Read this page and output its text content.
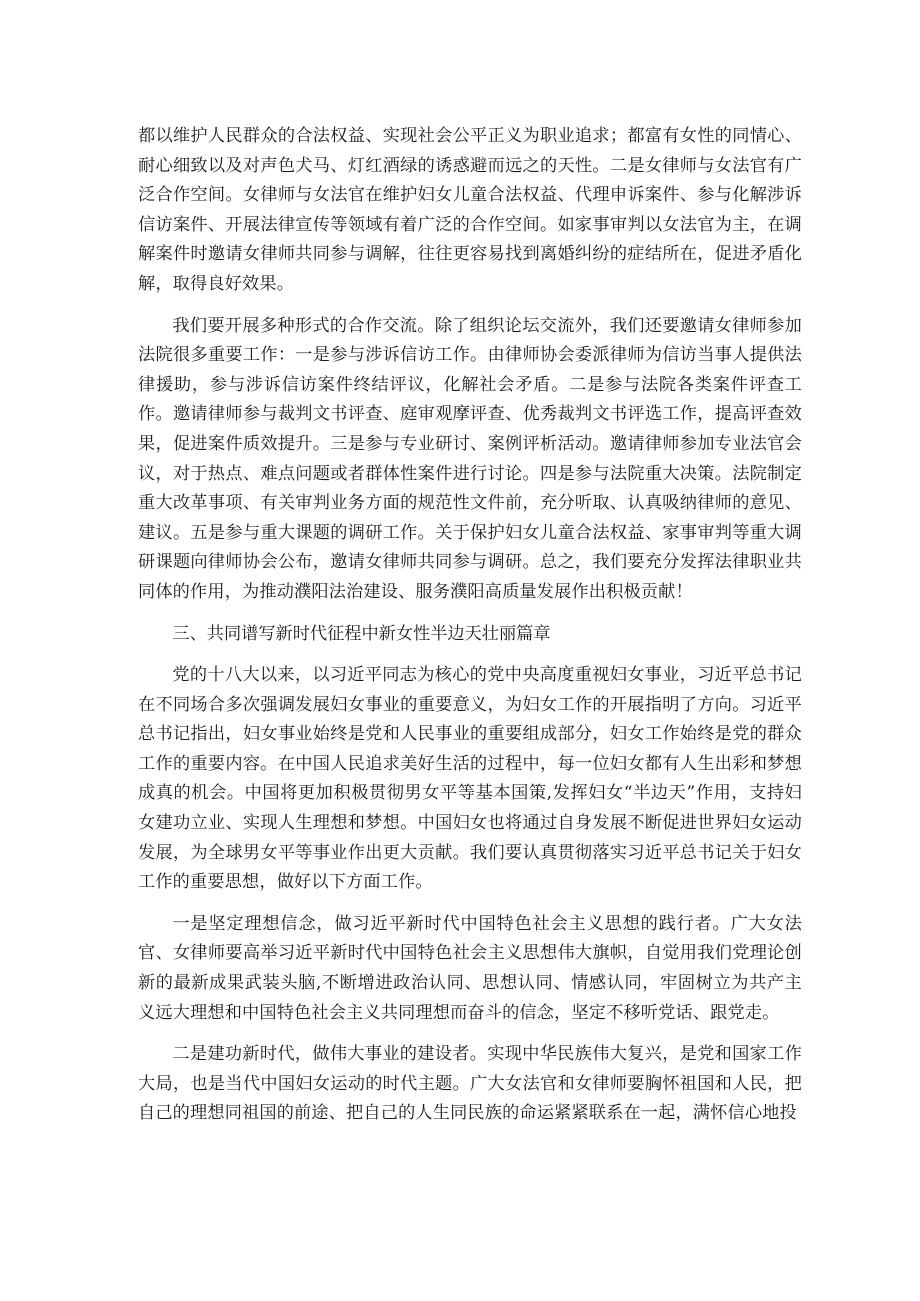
都以维护人民群众的合法权益、实现社会公平正义为职业追求；都富有女性的同情心、耐心细致以及对声色犬马、灯红酒绿的诱惑避而远之的天性。二是女律师与女法官有广泛合作空间。女律师与女法官在维护妇女儿童合法权益、代理申诉案件、参与化解涉诉信访案件、开展法律宣传等领域有着广泛的合作空间。如家事审判以女法官为主，在调解案件时邀请女律师共同参与调解，往往更容易找到离婚纠纷的症结所在，促进矛盾化解，取得良好效果。

我们要开展多种形式的合作交流。除了组织论坛交流外，我们还要邀请女律师参加法院很多重要工作：一是参与涉诉信访工作。由律师协会委派律师为信访当事人提供法律援助，参与涉诉信访案件终结评议，化解社会矛盾。二是参与法院各类案件评查工作。邀请律师参与裁判文书评查、庭审观摩评查、优秀裁判文书评选工作，提高评查效果，促进案件质效提升。三是参与专业研讨、案例评析活动。邀请律师参加专业法官会议，对于热点、难点问题或者群体性案件进行讨论。四是参与法院重大决策。法院制定重大改革事项、有关审判业务方面的规范性文件前，充分听取、认真吸纳律师的意见、建议。五是参与重大课题的调研工作。关于保护妇女儿童合法权益、家事审判等重大调研课题向律师协会公布，邀请女律师共同参与调研。总之，我们要充分发挥法律职业共同体的作用，为推动濮阳法治建设、服务濮阳高质量发展作出积极贡献！

三、共同谱写新时代征程中新女性半边天壮丽篇章

党的十八大以来，以习近平同志为核心的党中央高度重视妇女事业，习近平总书记在不同场合多次强调发展妇女事业的重要意义，为妇女工作的开展指明了方向。习近平总书记指出，妇女事业始终是党和人民事业的重要组成部分，妇女工作始终是党的群众工作的重要内容。在中国人民追求美好生活的过程中，每一位妇女都有人生出彩和梦想成真的机会。中国将更加积极贯彻男女平等基本国策,发挥妇女“半边天”作用，支持妇女建功立业、实现人生理想和梦想。中国妇女也将通过自身发展不断促进世界妇女运动发展，为全球男女平等事业作出更大贡献。我们要认真贯彻落实习近平总书记关于妇女工作的重要思想，做好以下方面工作。

一是坚定理想信念，做习近平新时代中国特色社会主义思想的践行者。广大女法官、女律师要高举习近平新时代中国特色社会主义思想伟大旗帜，自觉用我们党理论创新的最新成果武装头脑,不断增进政治认同、思想认同、情感认同，牢固树立为共产主义远大理想和中国特色社会主义共同理想而奋斗的信念，坚定不移听党话、跟党走。

二是建功新时代，做伟大事业的建设者。实现中华民族伟大复兴，是党和国家工作大局，也是当代中国妇女运动的时代主题。广大女法官和女律师要胸怀祖国和人民，把自己的理想同祖国的前途、把自己的人生同民族的命运紧紧联系在一起，满怀信心地投
